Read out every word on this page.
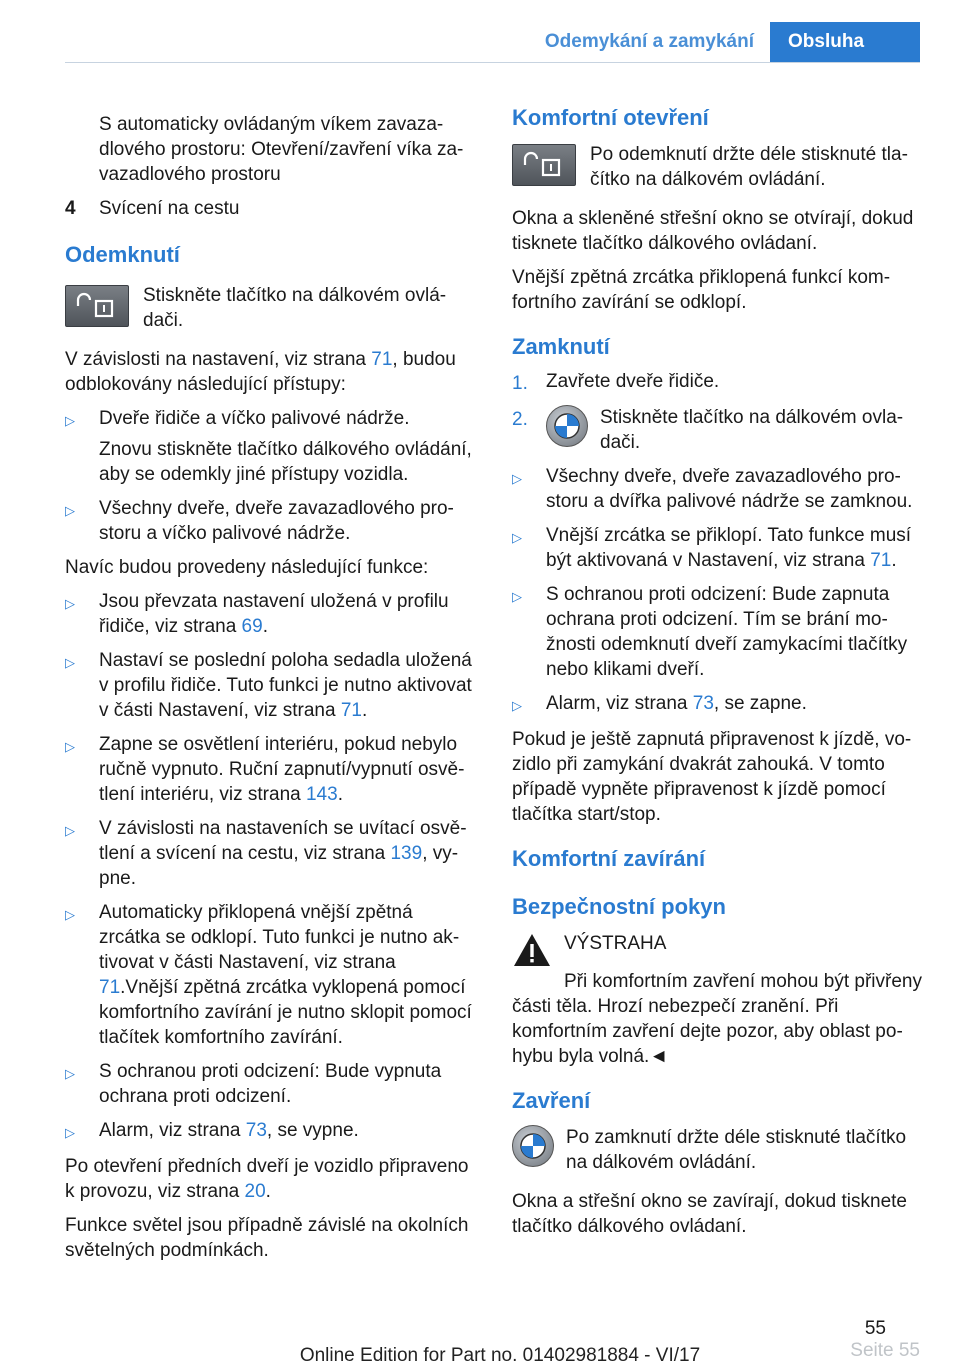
Odemykání a zamykání	Obsluha

S automaticky ovládaným víkem zavazadlového prostoru: Otevření/zavření víka zavazadlového prostoru

4	Svícení na cestu
Odemknutí
Stiskněte tlačítko na dálkovém ovládači.

V závislosti na nastavení, viz strana 71, budou odblokovány následující přístupy:

▷	Dveře řidiče a víčko palivové nádrže.

Znovu stiskněte tlačítko dálkového ovládání, aby se odemkly jiné přístupy vozidla.

▷	Všechny dveře, dveře zavazadlového prostoru a víčko palivové nádrže.

Navíc budou provedeny následující funkce:

▷	Jsou převzata nastavení uložená v profilu řidiče, viz strana 69.
▷	Nastaví se poslední poloha sedadla uložená v profilu řidiče. Tuto funkci je nutno aktivovat v části Nastavení, viz strana 71.
▷	Zapne se osvětlení interiéru, pokud nebylo ručně vypnuto. Ruční zapnutí/vypnutí osvětlení interiéru, viz strana 143.
▷	V závislosti na nastaveních se uvítací osvětlení a svícení na cestu, viz strana 139, vypne.
▷	Automaticky přiklopená vnější zpětná zrcátka se odklopí. Tuto funkci je nutno aktivovat v části Nastavení, viz strana 71.Vnější zpětná zrcátka vyklopená pomocí komfortního zavírání je nutno sklopit pomocí tlačítek komfortního zavírání.
▷	S ochranou proti odcizení: Bude vypnuta ochrana proti odcizení.
▷	Alarm, viz strana 73, se vypne.

Po otevření předních dveří je vozidlo připraveno k provozu, viz strana 20.

Funkce světel jsou případně závislé na okolních světelných podmínkách.

Komfortní otevření
Po odemknutí držte déle stisknuté tlačítko na dálkovém ovládání.

Okna a skleněné střešní okno se otvírají, dokud tisknete tlačítko dálkového ovládaní.

Vnější zpětná zrcátka přiklopená funkcí komfortního zavírání se odklopí.

Zamknutí
1. Zavřete dveře řidiče.
2.	Stiskněte tlačítko na dálkovém ovladači.
▷	Všechny dveře, dveře zavazadlového prostoru a dvířka palivové nádrže se zamknou.
▷	Vnější zrcátka se přiklopí. Tato funkce musí být aktivovaná v Nastavení, viz strana 71.
▷	S ochranou proti odcizení: Bude zapnuta ochrana proti odcizení. Tím se brání možnosti odemknutí dveří zamykacími tlačítky nebo klikami dveří.
▷	Alarm, viz strana 73, se zapne.

Pokud je ještě zapnutá připravenost k jízdě, vozidlo při zamykání dvakrát zahouká. V tomto případě vypněte připravenost k jízdě pomocí tlačítka start/stop.

Komfortní zavírání
Bezpečnostní pokyn
VÝSTRAHA

Při komfortním zavření mohou být přivřeny části těla. Hrozí nebezpečí zranění. Při komfortním zavření dejte pozor, aby oblast pohybu byla volná.◄

Zavření
Po zamknutí držte déle stisknuté tlačítko na dálkovém ovládání.

Okna a střešní okno se zavírají, dokud tisknete tlačítko dálkového ovládaní.

55
Seite 55
Online Edition for Part no. 01402981884 - VI/17
